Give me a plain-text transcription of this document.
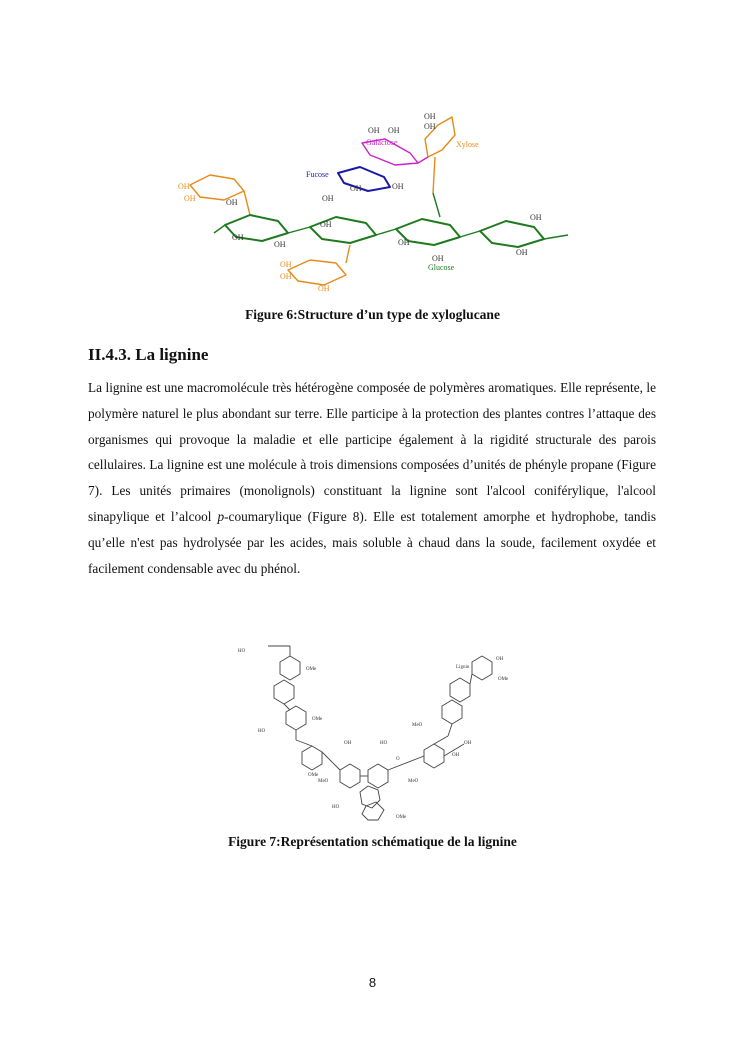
Galactose	Xylose
Fucose
Glucose
OH OH
OH
OH
OH	OH
OH
OH
OH	OH
OH
OH
OH
OH
OH
OH
OH
OH
OH
OH
Figure 6:Structure d’un type de xyloglucane
II.4.3. La lignine

La lignine est une macromolécule très hétérogène composée de polymères aromatiques. Elle représente, le polymère naturel le plus abondant sur terre. Elle participe à la protection des plantes contres l’attaque des organismes qui provoque la maladie et elle participe également à la rigidité structurale des parois cellulaires. La lignine est une molécule à trois dimensions composées d’unités de phényle propane (Figure 7). Les unités primaires (monolignols) constituant la lignine sont l'alcool coniférylique, l'alcool sinapylique et l’alcool p-coumarylique (Figure 8). Elle est totalement amorphe et hydrophobe, tandis qu’elle n'est pas hydrolysée par les acides, mais soluble à chaud dans la soude, facilement oxydée et facilement condensable avec du phénol.

HO
OMe
OMe
HO
OMe
MeO
OMe
HO
OH	HO
Lignin
OH
OMe
MeO
OH
OH
MeO
O
Figure 7:Représentation schématique de la lignine
8
